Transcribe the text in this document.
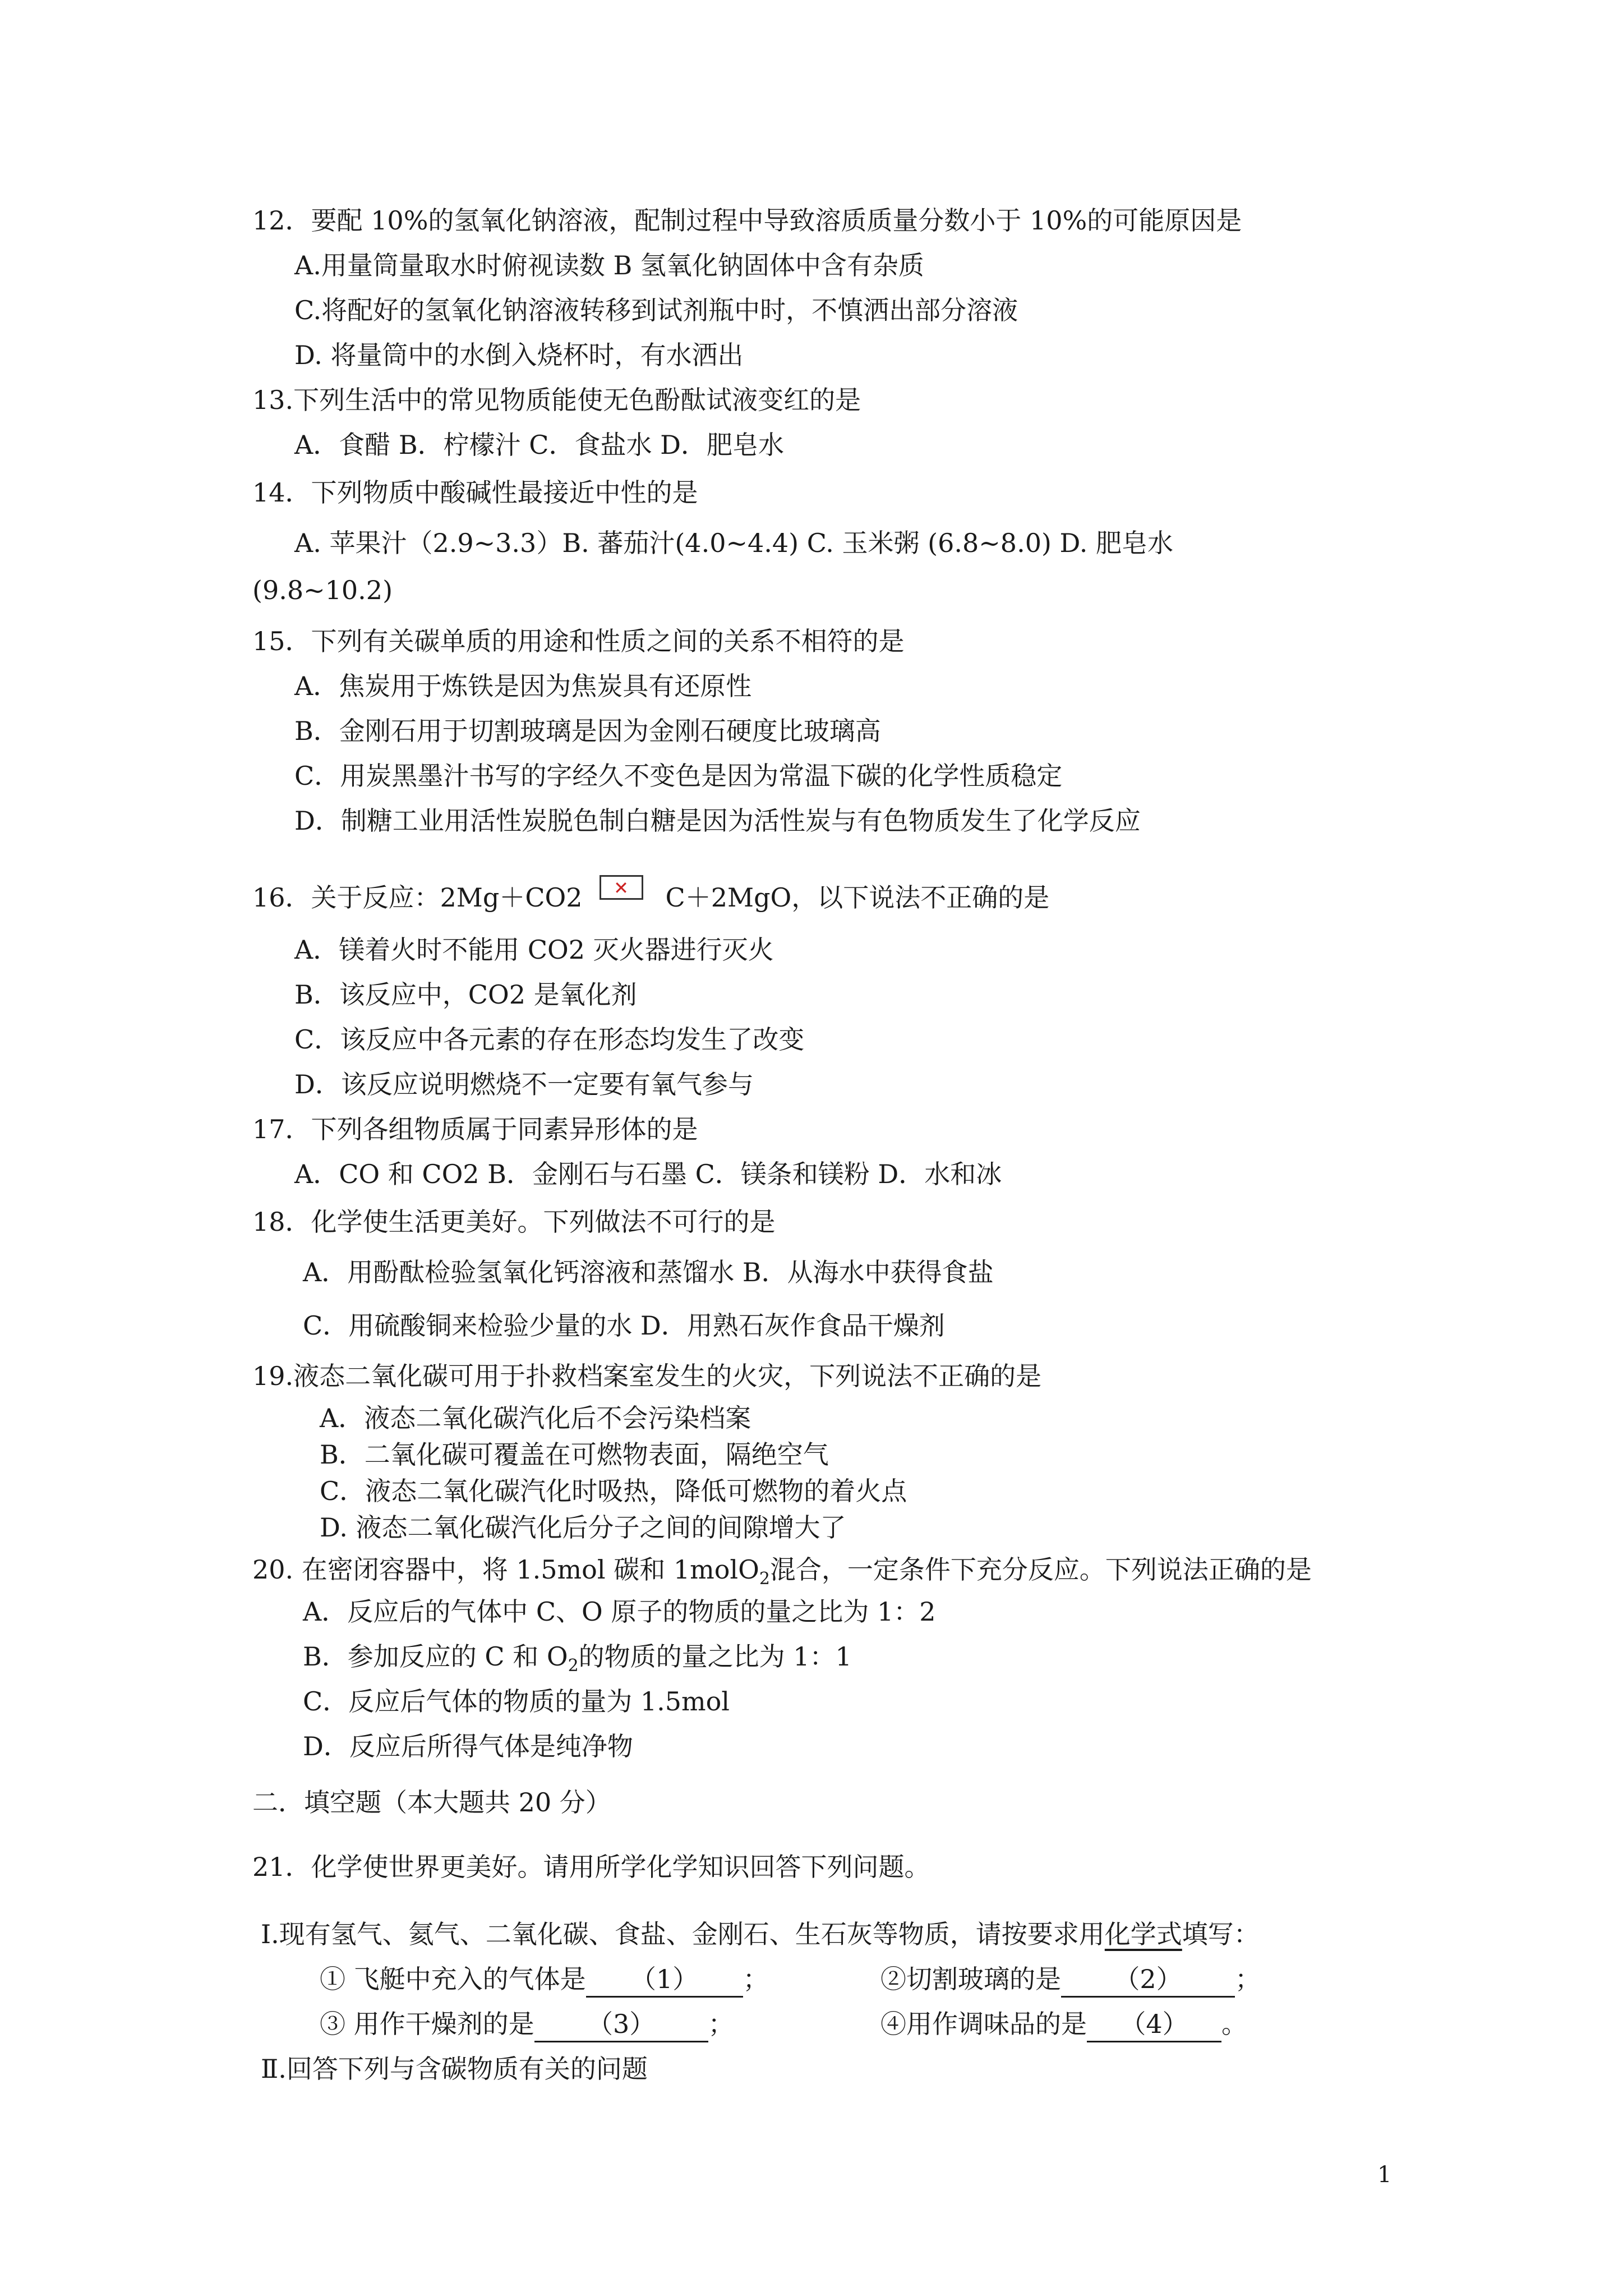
12．要配 10%的氢氧化钠溶液，配制过程中导致溶质质量分数小于 10%的可能原因是
A.用量筒量取水时俯视读数 B 氢氧化钠固体中含有杂质
C.将配好的氢氧化钠溶液转移到试剂瓶中时，不慎洒出部分溶液
D. 将量筒中的水倒入烧杯时，有水洒出
13.下列生活中的常见物质能使无色酚酞试液变红的是
A．食醋 B．柠檬汁 C．食盐水 D．肥皂水
14．下列物质中酸碱性最接近中性的是
A. 苹果汁（2.9~3.3）B. 蕃茄汁(4.0~4.4) C. 玉米粥 (6.8~8.0) D. 肥皂水
(9.8~10.2)
15．下列有关碳单质的用途和性质之间的关系不相符的是
A．焦炭用于炼铁是因为焦炭具有还原性
B．金刚石用于切割玻璃是因为金刚石硬度比玻璃高
C．用炭黑墨汁书写的字经久不变色是因为常温下碳的化学性质稳定
D．制糖工业用活性炭脱色制白糖是因为活性炭与有色物质发生了化学反应
16．关于反应：2Mg＋CO2 ✕	C＋2MgO，以下说法不正确的是
A．镁着火时不能用 CO2 灭火器进行灭火
B．该反应中，CO2 是氧化剂
C．该反应中各元素的存在形态均发生了改变
D．该反应说明燃烧不一定要有氧气参与
17．下列各组物质属于同素异形体的是
A．CO 和 CO2 B．金刚石与石墨 C．镁条和镁粉 D．水和冰
18．化学使生活更美好。下列做法不可行的是
A．用酚酞检验氢氧化钙溶液和蒸馏水 B．从海水中获得食盐
C．用硫酸铜来检验少量的水 D．用熟石灰作食品干燥剂
19.液态二氧化碳可用于扑救档案室发生的火灾，下列说法不正确的是
A．液态二氧化碳汽化后不会污染档案
B．二氧化碳可覆盖在可燃物表面，隔绝空气
C．液态二氧化碳汽化时吸热，降低可燃物的着火点
D. 液态二氧化碳汽化后分子之间的间隙增大了
20. 在密闭容器中，将 1.5mol 碳和 1molO$_2$混合，一定条件下充分反应。下列说法正确的是
A．反应后的气体中 C、O 原子的物质的量之比为 1：2
B．参加反应的 C 和 $O_2$的物质的量之比为 1：1
C．反应后气体的物质的量为 1.5mol
D．反应后所得气体是纯净物
二．填空题（本大题共 20 分）
21．化学使世界更美好。请用所学化学知识回答下列问题。
Ⅰ.现有氢气、氦气、二氧化碳、食盐、金刚石、生石灰等物质，请按要求用化学式填写：
① 飞艇中充入的气体是 （1） ；	②切割玻璃的是 （2） ；
③ 用作干燥剂的是 （3） ；	④用作调味品的是 （4） 。
Ⅱ.回答下列与含碳物质有关的问题
1
